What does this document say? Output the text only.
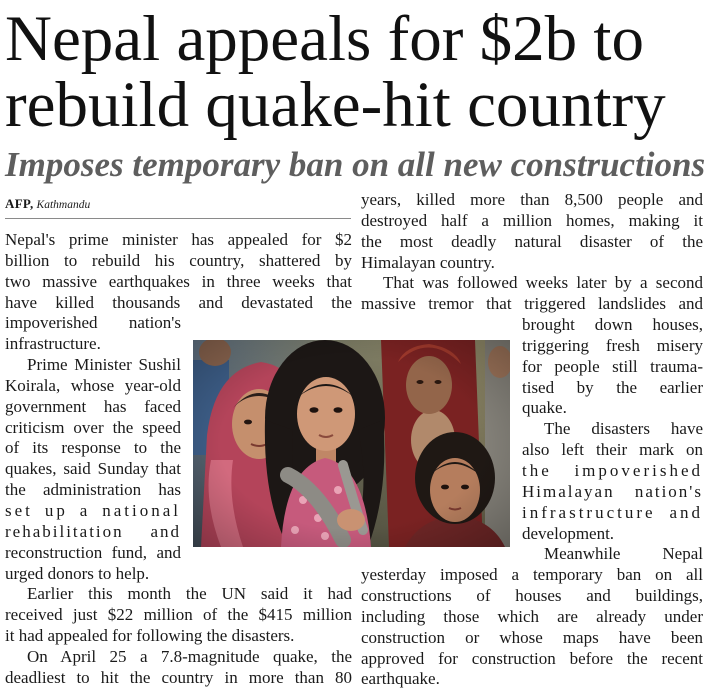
Nepal appeals for $2b to
rebuild quake-hit country
Imposes temporary ban on all new constructions
AFP, Kathmandu
Nepal's prime minister has appealed for $2
billion to rebuild his country, shattered by
two massive earthquakes in three weeks that
have killed thousands and devastated the
impoverished nation's
infrastructure.
Prime Minister Sushil
Koirala, whose year-old
government has faced
criticism over the speed
of its response to the
quakes, said Sunday that
the administration has
set up a national
rehabilitation and
reconstruction fund, and
urged donors to help.
Earlier this month the UN said it had
received just $22 million of the $415 million
it had appealed for following the disasters.
On April 25 a 7.8-magnitude quake, the
deadliest to hit the country in more than 80
years, killed more than 8,500 people and
destroyed half a million homes, making it
the most deadly natural disaster of the
Himalayan country.
That was followed weeks later by a second
massive tremor that triggered landslides and
brought down houses,
triggering fresh misery
for people still trauma-
tised by the earlier
quake.
The disasters have
also left their mark on
the impoverished
Himalayan nation's
infrastructure and
development.
Meanwhile Nepal
yesterday imposed a temporary ban on all
constructions of houses and buildings,
including those which are already under
construction or whose maps have been
approved for construction before the recent
earthquake.
